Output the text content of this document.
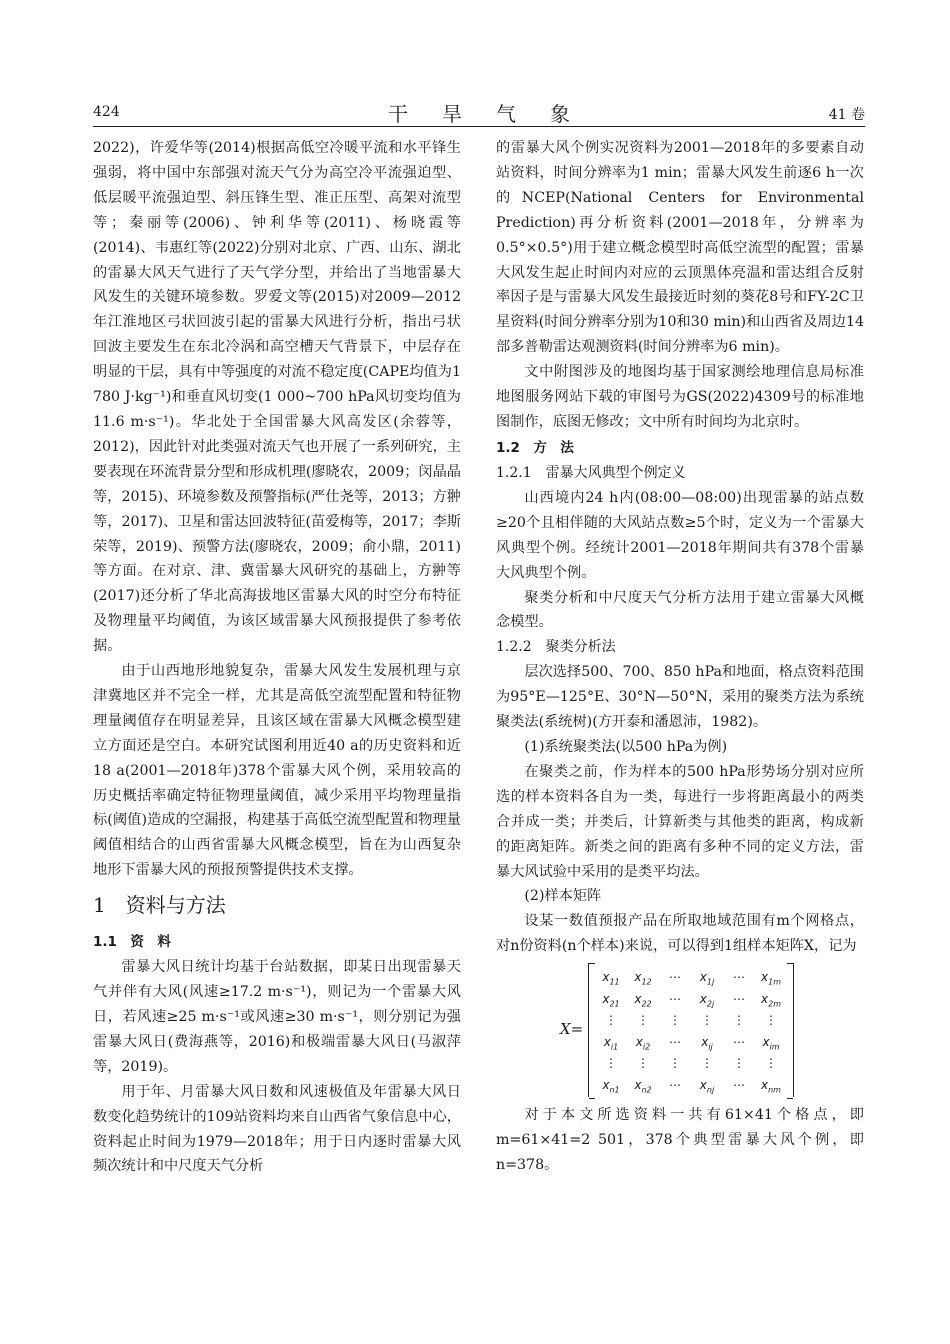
424	干旱气象	41 卷

2022)，许爱华等(2014)根据高低空冷暖平流和水平锋生强弱，将中国中东部强对流天气分为高空冷平流强迫型、低层暖平流强迫型、斜压锋生型、准正压型、高架对流型等；秦丽等(2006)、钟利华等(2011)、杨晓霞等(2014)、韦惠红等(2022)分别对北京、广西、山东、湖北的雷暴大风天气进行了天气学分型，并给出了当地雷暴大风发生的关键环境参数。罗爱文等(2015)对2009—2012年江淮地区弓状回波引起的雷暴大风进行分析，指出弓状回波主要发生在东北冷涡和高空槽天气背景下，中层存在明显的干层，具有中等强度的对流不稳定度(CAPE均值为1 780 J·kg⁻¹)和垂直风切变(1 000~700 hPa风切变均值为11.6 m·s⁻¹)。华北处于全国雷暴大风高发区(余蓉等，2012)，因此针对此类强对流天气也开展了一系列研究，主要表现在环流背景分型和形成机理(廖晓农，2009；闵晶晶等，2015)、环境参数及预警指标(严仕尧等，2013；方翀等，2017)、卫星和雷达回波特征(苗爱梅等，2017；李斯荣等，2019)、预警方法(廖晓农，2009；俞小鼎，2011)等方面。在对京、津、冀雷暴大风研究的基础上，方翀等(2017)还分析了华北高海拔地区雷暴大风的时空分布特征及物理量平均阈值，为该区域雷暴大风预报提供了参考依据。

由于山西地形地貌复杂，雷暴大风发生发展机理与京津冀地区并不完全一样，尤其是高低空流型配置和特征物理量阈值存在明显差异，且该区域在雷暴大风概念模型建立方面还是空白。本研究试图利用近40 a的历史资料和近18 a(2001—2018年)378个雷暴大风个例，采用较高的历史概括率确定特征物理量阈值，减少采用平均物理量指标(阈值)造成的空漏报，构建基于高低空流型配置和物理量阈值相结合的山西省雷暴大风概念模型，旨在为山西复杂地形下雷暴大风的预报预警提供技术支撑。

1　资料与方法
1.1　资　料

雷暴大风日统计均基于台站数据，即某日出现雷暴天气并伴有大风(风速≥17.2 m·s⁻¹)，则记为一个雷暴大风日，若风速≥25 m·s⁻¹或风速≥30 m·s⁻¹，则分别记为强雷暴大风日(费海燕等，2016)和极端雷暴大风日(马淑萍等，2019)。

用于年、月雷暴大风日数和风速极值及年雷暴大风日数变化趋势统计的109站资料均来自山西省气象信息中心，资料起止时间为1979—2018年；用于日内逐时雷暴大风频次统计和中尺度天气分析

的雷暴大风个例实况资料为2001—2018年的多要素自动站资料，时间分辨率为1 min；雷暴大风发生前逐6 h一次的NCEP(National Centers for Environmental Prediction)再分析资料(2001—2018年，分辨率为0.5°×0.5°)用于建立概念模型时高低空流型的配置；雷暴大风发生起止时间内对应的云顶黑体亮温和雷达组合反射率因子是与雷暴大风发生最接近时刻的葵花8号和FY-2C卫星资料(时间分辨率分别为10和30 min)和山西省及周边14部多普勒雷达观测资料(时间分辨率为6 min)。

文中附图涉及的地图均基于国家测绘地理信息局标准地图服务网站下载的审图号为GS(2022)4309号的标准地图制作，底图无修改；文中所有时间均为北京时。

1.2　方　法
1.2.1　雷暴大风典型个例定义

山西境内24 h内(08:00—08:00)出现雷暴的站点数≥20个且相伴随的大风站点数≥5个时，定义为一个雷暴大风典型个例。经统计2001—2018年期间共有378个雷暴大风典型个例。

聚类分析和中尺度天气分析方法用于建立雷暴大风概念模型。

1.2.2　聚类分析法

层次选择500、700、850 hPa和地面，格点资料范围为95°E—125°E、30°N—50°N，采用的聚类方法为系统聚类法(系统树)(方开泰和潘恩沛，1982)。

(1)系统聚类法(以500 hPa为例)

在聚类之前，作为样本的500 hPa形势场分别对应所选的样本资料各自为一类，每进行一步将距离最小的两类合并成一类；并类后，计算新类与其他类的距离，构成新的距离矩阵。新类之间的距离有多种不同的定义方法，雷暴大风试验中采用的是类平均法。

(2)样本矩阵

设某一数值预报产品在所取地域范围有m个网格点，对n份资料(n个样本)来说，可以得到1组样本矩阵X，记为

X=
$x_{11}$	$x_{12}$	⋯	$x_{1j}$	⋯	$x_{1m}$
$x_{21}$	$x_{22}$	⋯	$x_{2j}$	⋯	$x_{2m}$
⋮	⋮	⋮	⋮	⋮	⋮
$x_{i1}$	$x_{i2}$	⋯	$x_{ij}$	⋯	$x_{im}$
⋮	⋮	⋮	⋮	⋮	⋮
$x_{n1}$	$x_{n2}$	⋯	$x_{nj}$	⋯	$x_{nm}$

对于本文所选资料一共有61×41个格点，即m=61×41=2 501，378个典型雷暴大风个例，即n=378。
